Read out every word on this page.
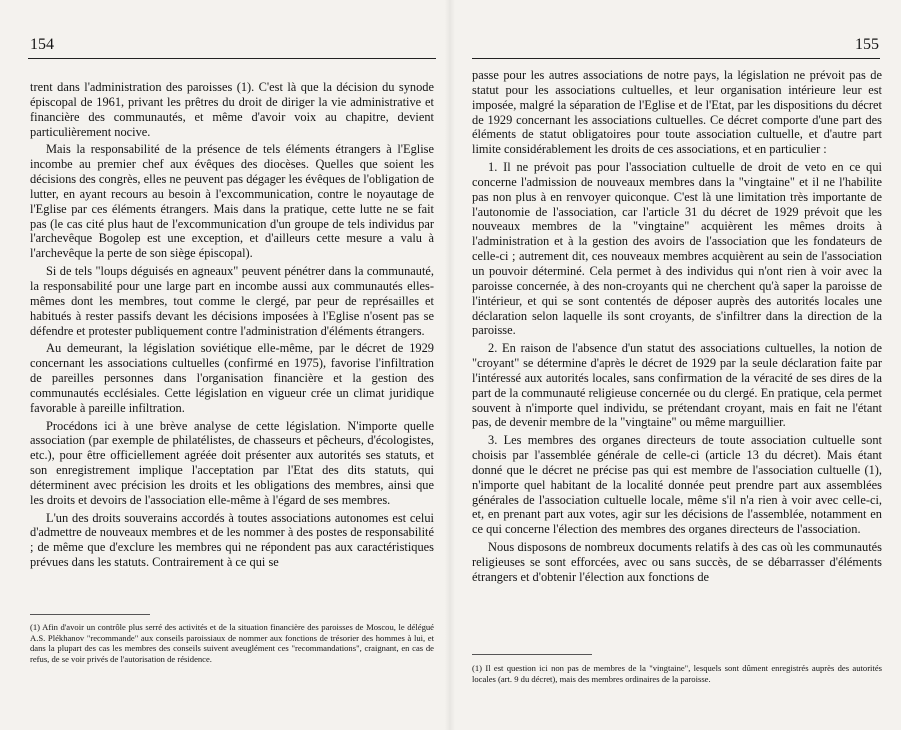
154

trent dans l'administration des paroisses (1). C'est là que la décision du synode épiscopal de 1961, privant les prêtres du droit de diriger la vie administrative et financière des communautés, et même d'avoir voix au chapitre, devient particulièrement nocive.

Mais la responsabilité de la présence de tels éléments étrangers à l'Eglise incombe au premier chef aux évêques des diocèses. Quelles que soient les décisions des congrès, elles ne peuvent pas dégager les évêques de l'obligation de lutter, en ayant recours au besoin à l'excommunication, contre le noyautage de l'Eglise par ces éléments étrangers. Mais dans la pratique, cette lutte ne se fait pas (le cas cité plus haut de l'excommunication d'un groupe de tels individus par l'archevêque Bogolep est une exception, et d'ailleurs cette mesure a valu à l'archevêque la perte de son siège épiscopal).

Si de tels "loups déguisés en agneaux" peuvent pénétrer dans la communauté, la responsabilité pour une large part en incombe aussi aux communautés elles-mêmes dont les membres, tout comme le clergé, par peur de représailles et habitués à rester passifs devant les décisions imposées à l'Eglise n'osent pas se défendre et protester publiquement contre l'administration d'éléments étrangers.

Au demeurant, la législation soviétique elle-même, par le décret de 1929 concernant les associations cultuelles (confirmé en 1975), favorise l'infiltration de pareilles personnes dans l'organisation financière et la gestion des communautés ecclésiales. Cette législation en vigueur crée un climat juridique favorable à pareille infiltration.

Procédons ici à une brève analyse de cette législation. N'importe quelle association (par exemple de philatélistes, de chasseurs et pêcheurs, d'écologistes, etc.), pour être officiellement agréée doit présenter aux autorités ses statuts, et son enregistrement implique l'acceptation par l'Etat des dits statuts, qui déterminent avec précision les droits et les obligations des membres, ainsi que les droits et devoirs de l'association elle-même à l'égard de ses membres.

L'un des droits souverains accordés à toutes associations autonomes est celui d'admettre de nouveaux membres et de les nommer à des postes de responsabilité ; de même que d'exclure les membres qui ne répondent pas aux caractéristiques prévues dans les statuts. Contrairement à ce qui se

(1) Afin d'avoir un contrôle plus serré des activités et de la situation financière des paroisses de Moscou, le délégué A.S. Plékhanov "recommande" aux conseils paroissiaux de nommer aux fonctions de trésorier des hommes à lui, et dans la plupart des cas les membres des conseils suivent aveuglément ces "recommandations", craignant, en cas de refus, de se voir privés de l'autorisation de résidence.

155

passe pour les autres associations de notre pays, la législation ne prévoit pas de statut pour les associations cultuelles, et leur organisation intérieure leur est imposée, malgré la séparation de l'Eglise et de l'Etat, par les dispositions du décret de 1929 concernant les associations cultuelles. Ce décret comporte d'une part des éléments de statut obligatoires pour toute association cultuelle, et d'autre part limite considérablement les droits de ces associations, et en particulier :

1. Il ne prévoit pas pour l'association cultuelle de droit de veto en ce qui concerne l'admission de nouveaux membres dans la "vingtaine" et il ne l'habilite pas non plus à en renvoyer quiconque. C'est là une limitation très importante de l'autonomie de l'association, car l'article 31 du décret de 1929 prévoit que les nouveaux membres de la "vingtaine" acquièrent les mêmes droits à l'administration et à la gestion des avoirs de l'association que les fondateurs de celle-ci ; autrement dit, ces nouveaux membres acquièrent au sein de l'association un pouvoir déterminé. Cela permet à des individus qui n'ont rien à voir avec la paroisse concernée, à des non-croyants qui ne cherchent qu'à saper la paroisse de l'intérieur, et qui se sont contentés de déposer auprès des autorités locales une déclaration selon laquelle ils sont croyants, de s'infiltrer dans la direction de la paroisse.

2. En raison de l'absence d'un statut des associations cultuelles, la notion de "croyant" se détermine d'après le décret de 1929 par la seule déclaration faite par l'intéressé aux autorités locales, sans confirmation de la véracité de ses dires de la part de la communauté religieuse concernée ou du clergé. En pratique, cela permet souvent à n'importe quel individu, se prétendant croyant, mais en fait ne l'étant pas, de devenir membre de la "vingtaine" ou même marguillier.

3. Les membres des organes directeurs de toute association cultuelle sont choisis par l'assemblée générale de celle-ci (article 13 du décret). Mais étant donné que le décret ne précise pas qui est membre de l'association cultuelle (1), n'importe quel habitant de la localité donnée peut prendre part aux assemblées générales de l'association cultuelle locale, même s'il n'a rien à voir avec celle-ci, et, en prenant part aux votes, agir sur les décisions de l'assemblée, notamment en ce qui concerne l'élection des membres des organes directeurs de l'association.

Nous disposons de nombreux documents relatifs à des cas où les communautés religieuses se sont efforcées, avec ou sans succès, de se débarrasser d'éléments étrangers et d'obtenir l'élection aux fonctions de

(1) Il est question ici non pas de membres de la "vingtaine", lesquels sont dûment enregistrés auprès des autorités locales (art. 9 du décret), mais des membres ordinaires de la paroisse.
